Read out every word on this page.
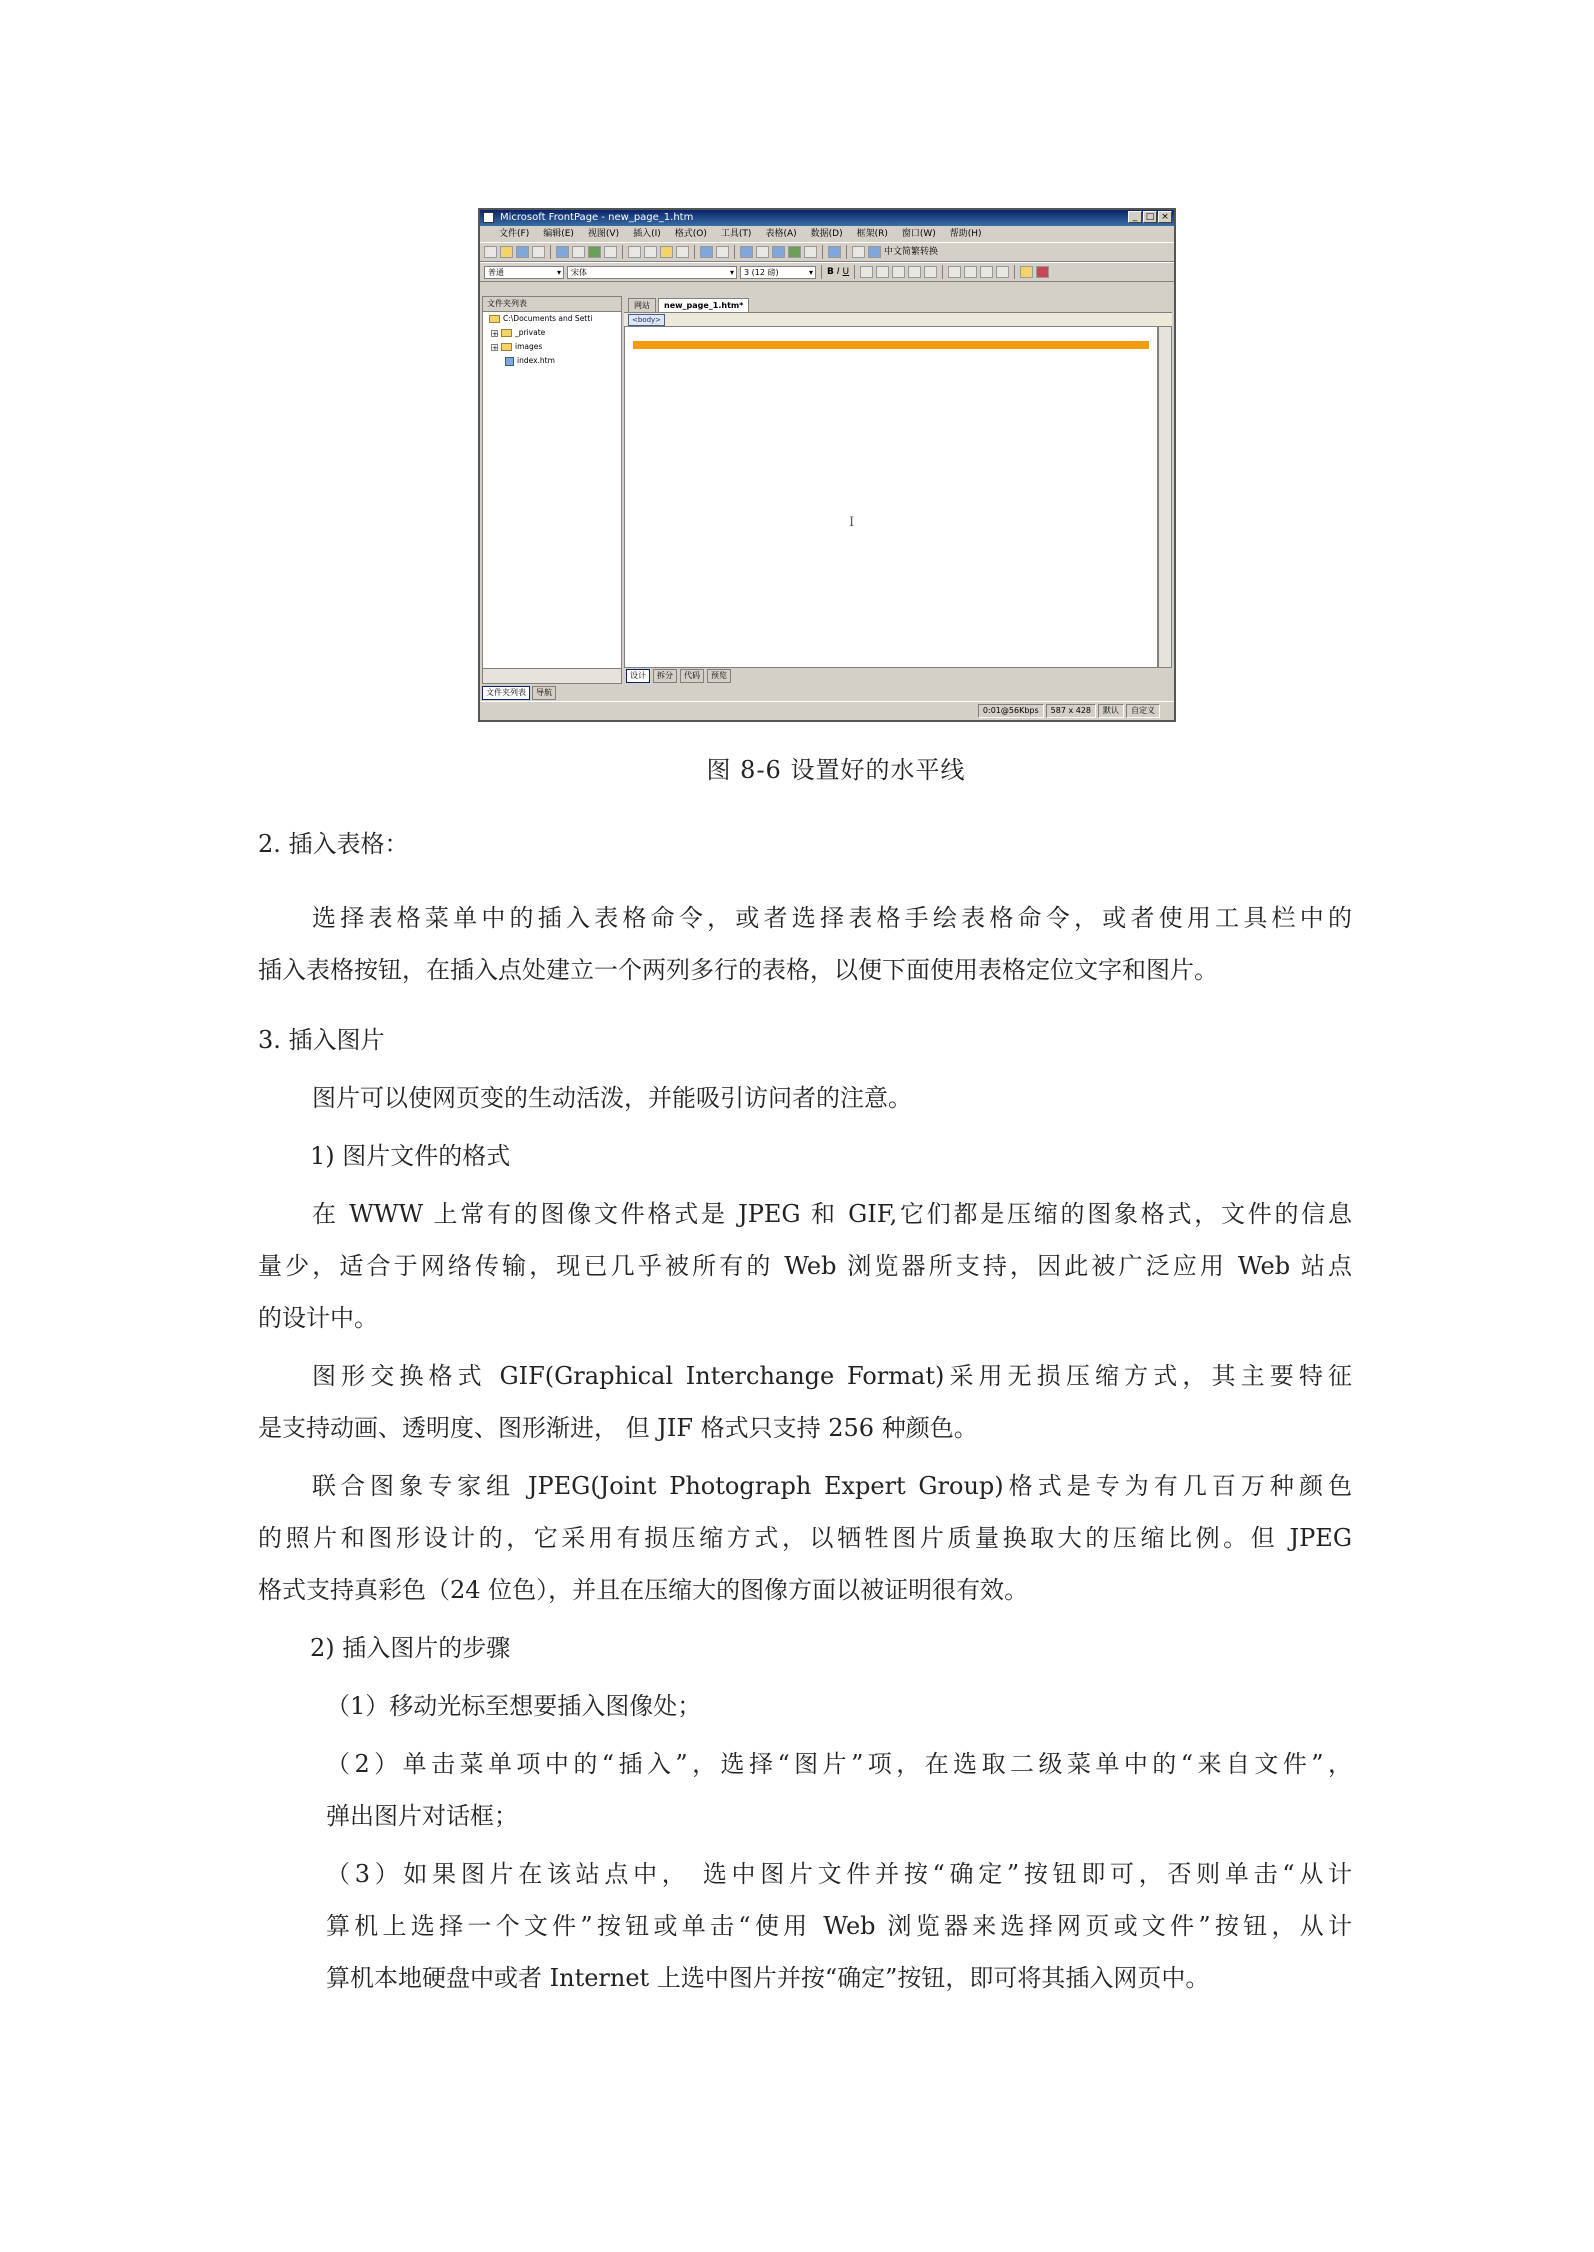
Microsoft FrontPage - new_page_1.htm	_ □ ×
文件(F)	编辑(E)	视图(V)	插入(I)	格式(O)	工具(T)	表格(A)	数据(D)	框架(R)	窗口(W)	帮助(H)
中文简繁转换
普通 ▾	宋体 ▾	3 (12 磅) ▾	B I U
文件夹列表
C:\Documents and Setti
+ _private
+ images
index.htm
网站	new_page_1.htm*
<body>
I
设计	拆分	代码	预览
文件夹列表	导航
0:01@56Kbps	587 x 428	默认	自定义
图 8-6 设置好的水平线
2. 插入表格：
选择表格菜单中的插入表格命令，或者选择表格手绘表格命令，或者使用工具栏中的
插入表格按钮，在插入点处建立一个两列多行的表格，以便下面使用表格定位文字和图片。
3. 插入图片
图片可以使网页变的生动活泼，并能吸引访问者的注意。
1) 图片文件的格式
在 WWW 上常有的图像文件格式是 JPEG 和 GIF,它们都是压缩的图象格式，文件的信息
量少，适合于网络传输，现已几乎被所有的 Web 浏览器所支持，因此被广泛应用 Web 站点
的设计中。
图形交换格式 GIF(Graphical Interchange Format)采用无损压缩方式，其主要特征
是支持动画、透明度、图形渐进， 但 JIF 格式只支持 256 种颜色。
联合图象专家组 JPEG(Joint Photograph Expert Group)格式是专为有几百万种颜色
的照片和图形设计的，它采用有损压缩方式，以牺牲图片质量换取大的压缩比例。但 JPEG
格式支持真彩色（24 位色），并且在压缩大的图像方面以被证明很有效。
2) 插入图片的步骤
（1）移动光标至想要插入图像处；
（2）单击菜单项中的“插入”，选择“图片”项，在选取二级菜单中的“来自文件”，
弹出图片对话框；
（3）如果图片在该站点中， 选中图片文件并按“确定”按钮即可，否则单击“从计
算机上选择一个文件”按钮或单击“使用 Web 浏览器来选择网页或文件”按钮，从计
算机本地硬盘中或者 Internet 上选中图片并按“确定”按钮，即可将其插入网页中。
